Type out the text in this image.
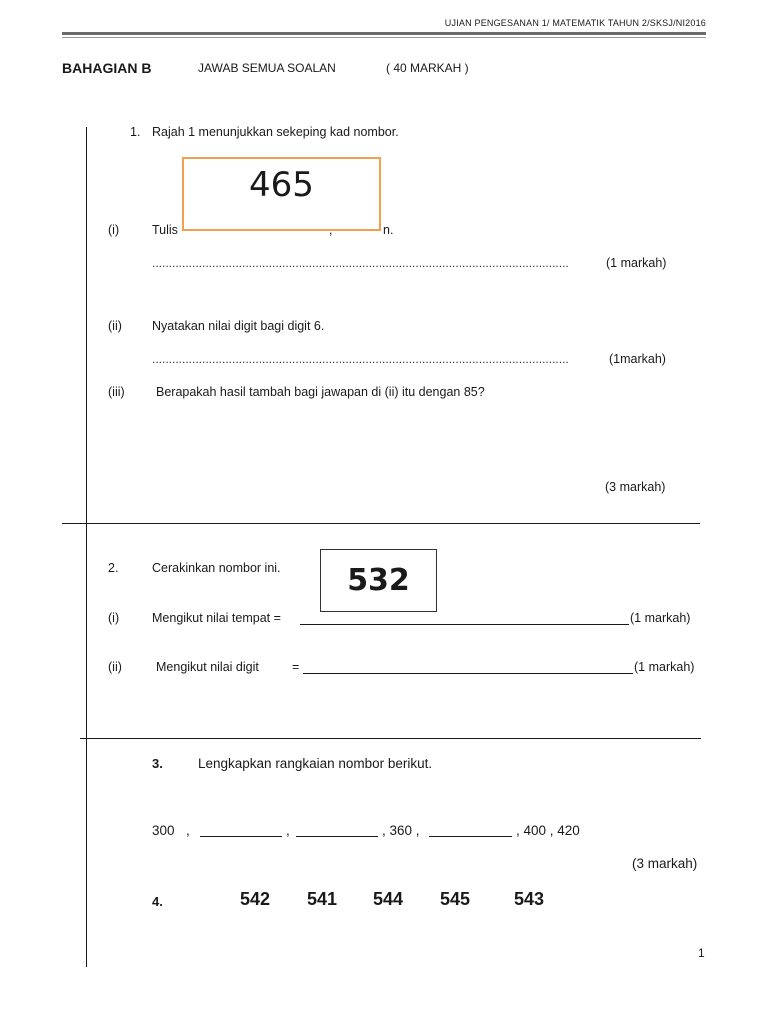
UJIAN PENGESANAN 1/ MATEMATIK TAHUN 2/SKSJ/NI2016
BAHAGIAN B	JAWAB SEMUA SOALAN	( 40 MARKAH )
1. Rajah 1 menunjukkan sekeping kad nombor.
(i)	Tulis	n.
465
.............................................................................................................................	(1 markah)
(ii) Nyatakan nilai digit bagi digit 6.
.............................................................................................................................	(1markah)
(iii)	Berapakah hasil tambah bagi jawapan di (ii) itu dengan 85?
(3 markah)
2.	Cerakinkan nombor ini.	532
(i)	Mengikut nilai tempat =	(1 markah)
(ii)	Mengikut nilai digit	=	(1 markah)
3.	Lengkapkan rangkaian nombor berikut.
300 ,	,	, 360 ,	, 400 , 420
(3 markah)
4.	542 541 544 545 543
1
